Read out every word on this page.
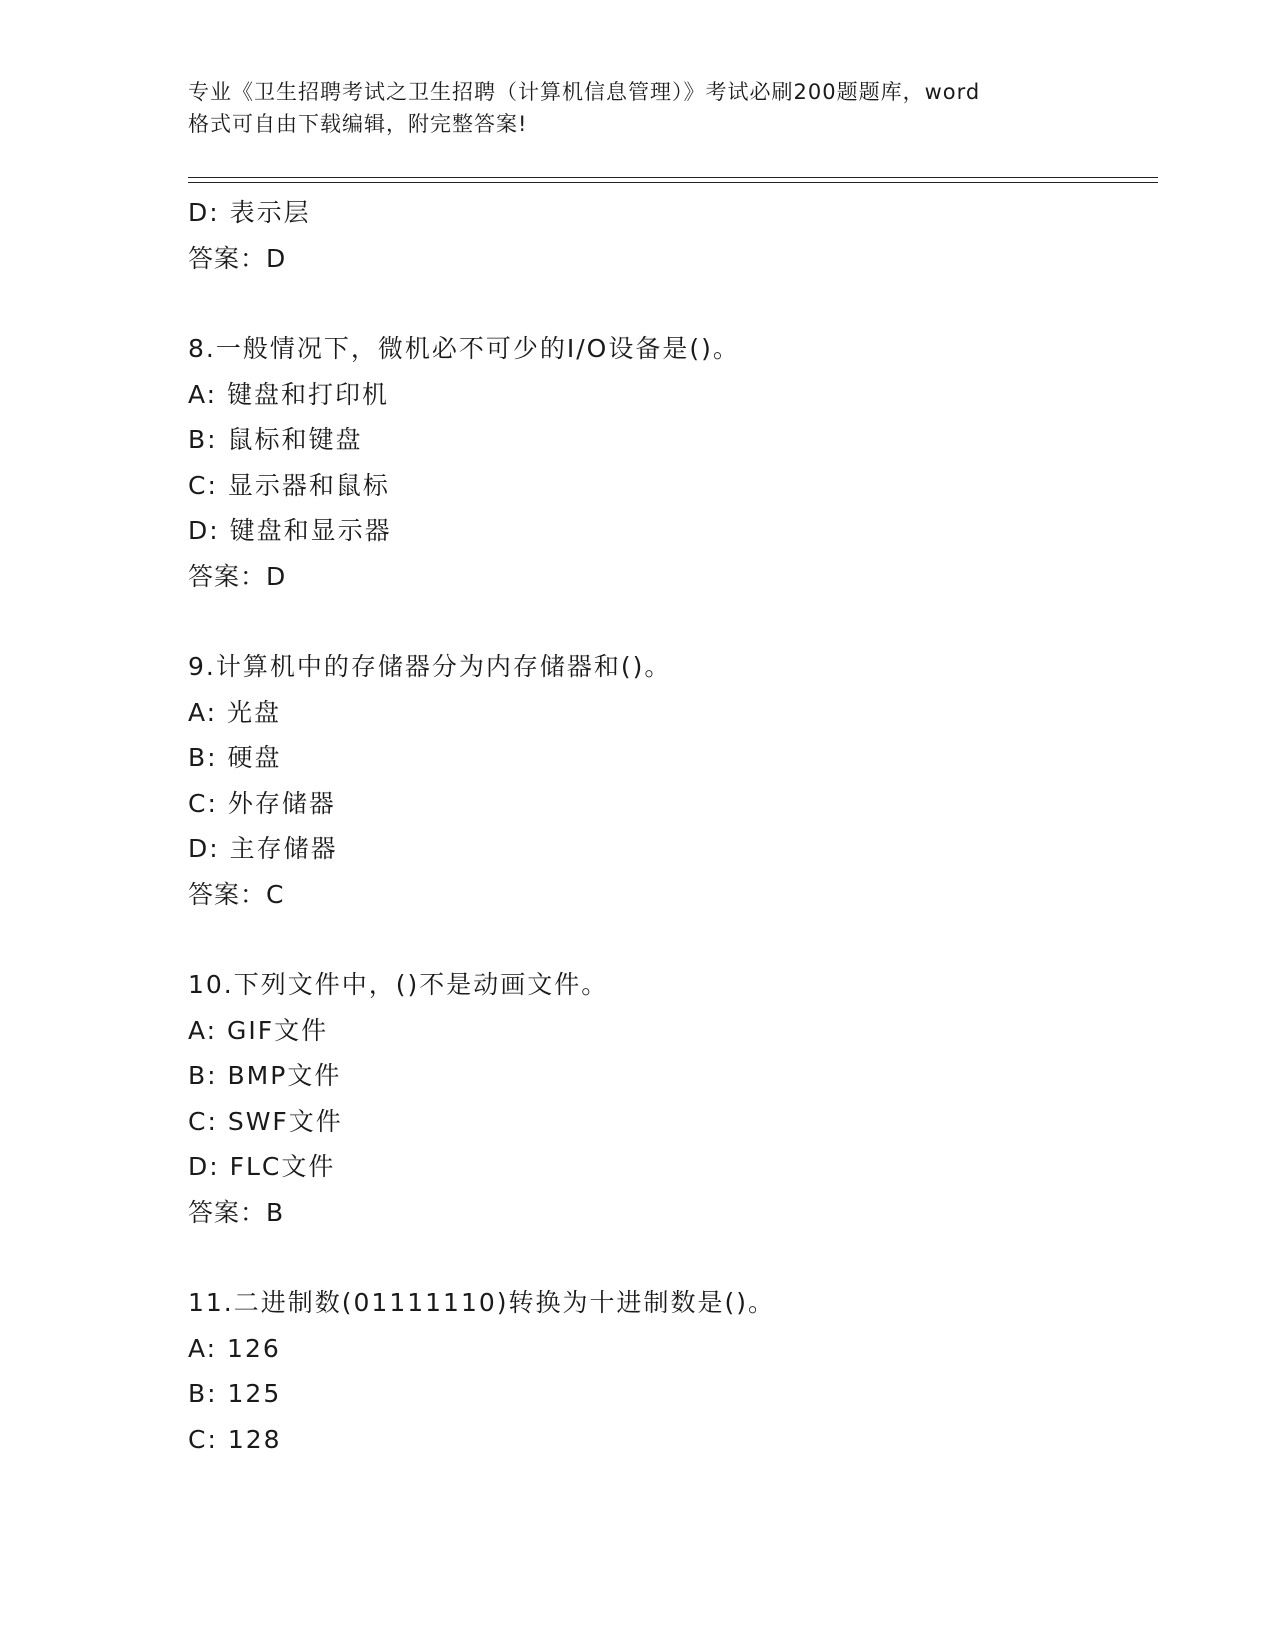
专业《卫生招聘考试之卫生招聘（计算机信息管理）》考试必刷200题题库，word
格式可自由下载编辑，附完整答案!
D: 表示层
答案：D
8.一般情况下，微机必不可少的I/O设备是()。
A: 键盘和打印机
B: 鼠标和键盘
C: 显示器和鼠标
D: 键盘和显示器
答案：D
9.计算机中的存储器分为内存储器和()。
A: 光盘
B: 硬盘
C: 外存储器
D: 主存储器
答案：C
10.下列文件中，()不是动画文件。
A: GIF文件
B: BMP文件
C: SWF文件
D: FLC文件
答案：B
11.二进制数(01111110)转换为十进制数是()。
A: 126
B: 125
C: 128
